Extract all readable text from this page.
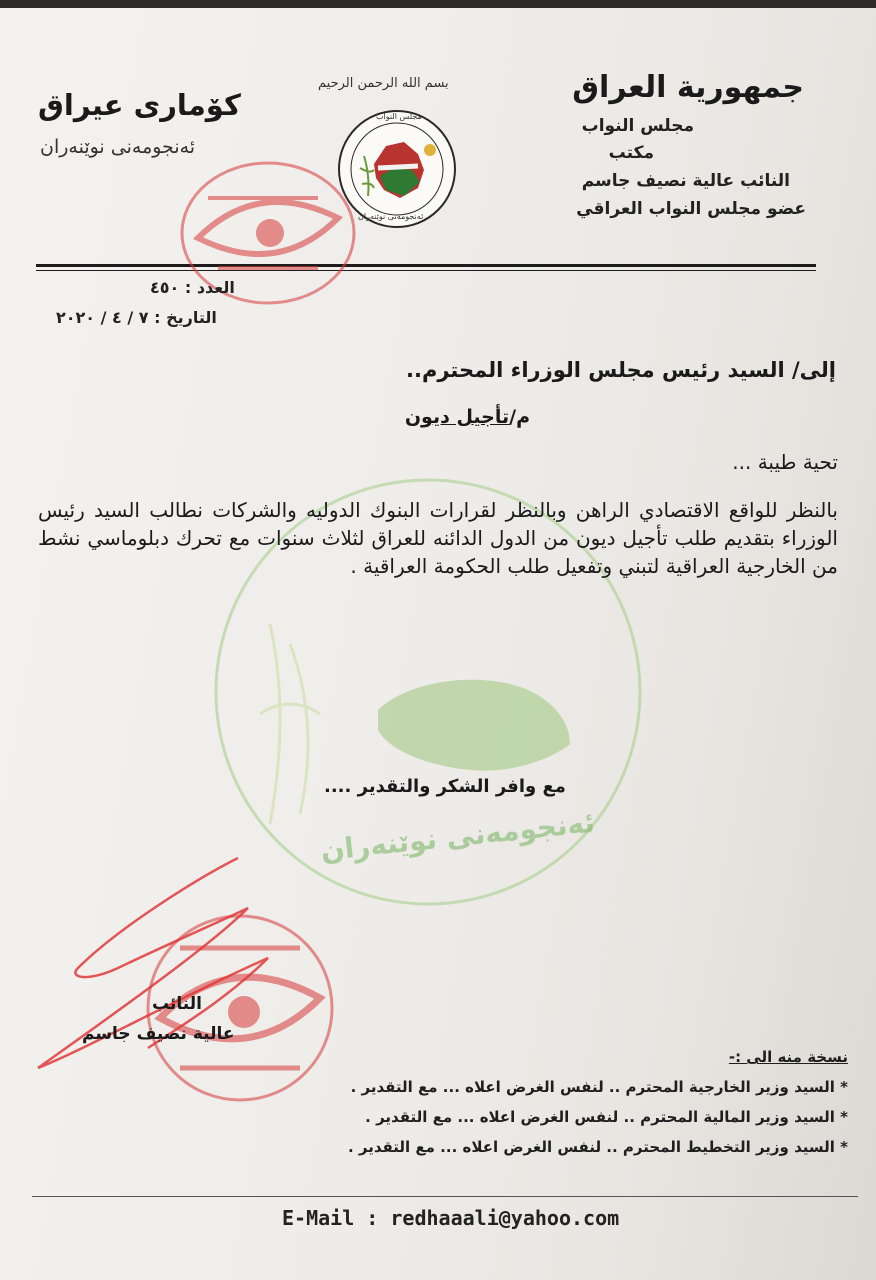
جمهورية العراق
مجلس النواب
مكتب
النائب عالية نصيف جاسم
عضو مجلس النواب العراقي
كۆمارى عيراق
ئەنجومەنى نوێنەران
بسم الله الرحمن الرحيم
مجلس النواب
ئەنجومەنى نوێنەران
العدد : ٤٥٠
التاريخ : ٧ / ٤ / ٢٠٢٠
ئەنجومەنى نوێنەران
إلى/ السيد رئيس مجلس الوزراء المحترم..
م/تأجيل ديون
تحية طيبة ...
بالنظر للواقع الاقتصادي الراهن وبالنظر لقرارات البنوك الدوليه والشركات نطالب السيد رئيس الوزراء بتقديم طلب تأجيل ديون من الدول الدائنه للعراق لثلاث سنوات مع تحرك دبلوماسي نشط من الخارجية العراقية لتبني وتفعيل طلب الحكومة العراقية .
مع وافر الشكر والتقدير ....
النائب
عالية نصيف جاسم
نسخة منه الى :-
* السيد وزير الخارجية المحترم .. لنفس الغرض اعلاه ... مع التقدير .
* السيد وزير المالية المحترم .. لنفس الغرض اعلاه ... مع التقدير .
* السيد وزير التخطيط المحترم .. لنفس الغرض اعلاه ... مع التقدير .
E-Mail : redhaaali@yahoo.com
